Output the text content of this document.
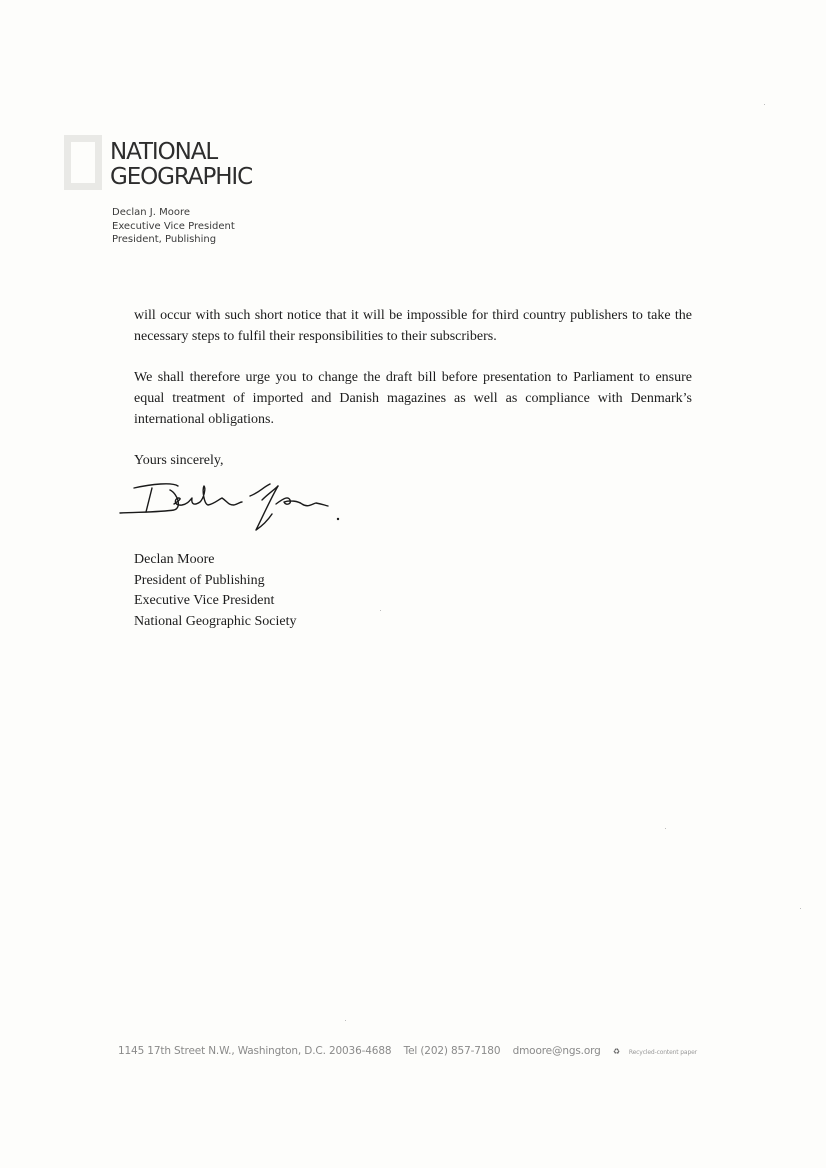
NATIONAL
GEOGRAPHIC
Declan J. Moore
Executive Vice President
President, Publishing

will occur with such short notice that it will be impossible for third country publishers to take the necessary steps to fulfil their responsibilities to their subscribers.

We shall therefore urge you to change the draft bill before presentation to Parliament to ensure equal treatment of imported and Danish magazines as well as compliance with Denmark’s international obligations.

Yours sincerely,

Declan Moore
President of Publishing
Executive Vice President
National Geographic Society
1145 17th Street N.W., Washington, D.C. 20036-4688 Tel (202) 857-7180 dmoore@ngs.org ♻ Recycled-content paper
